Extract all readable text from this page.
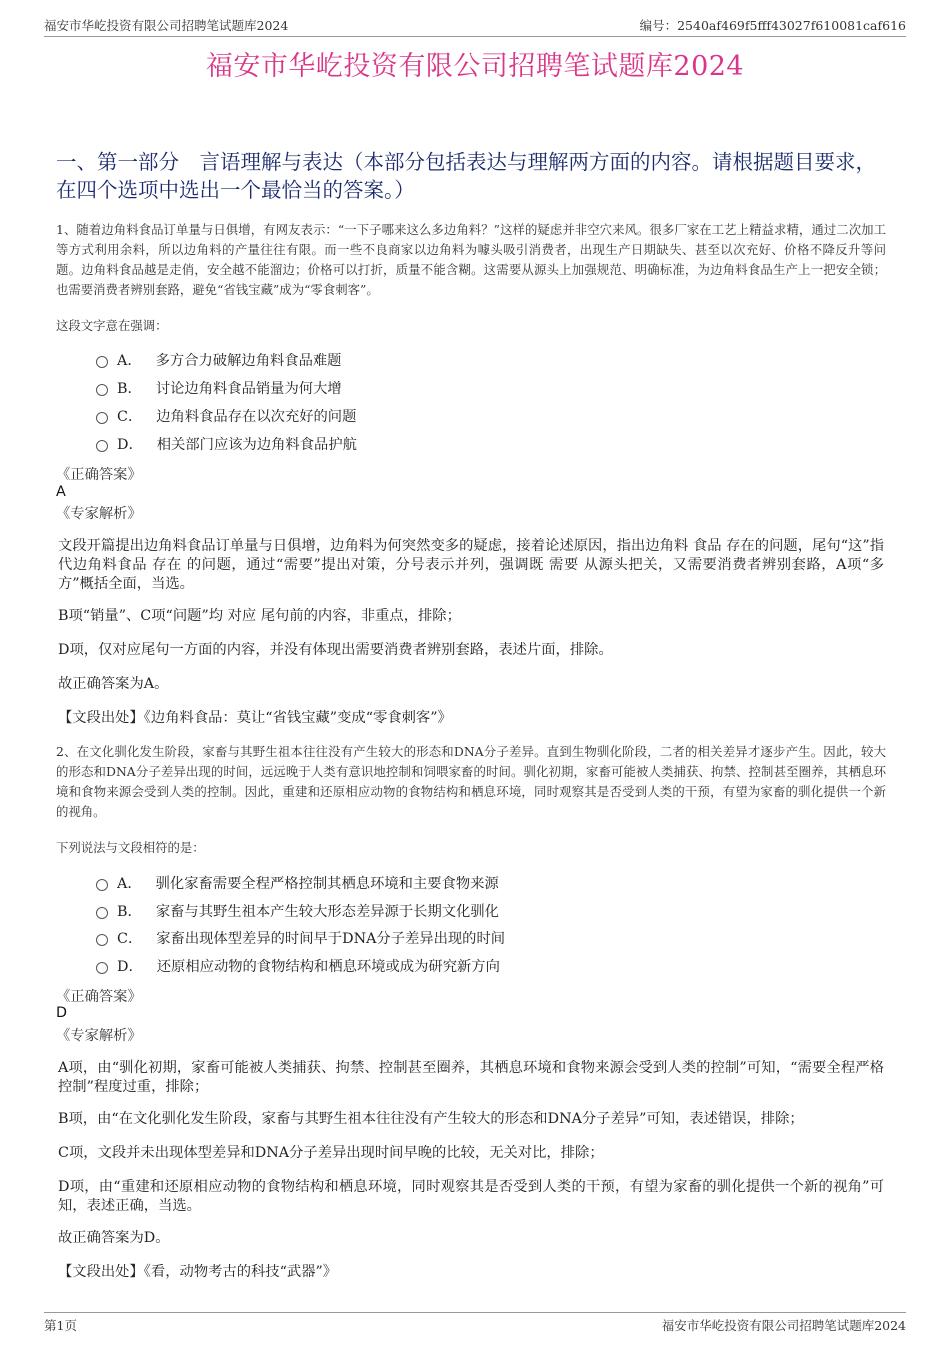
福安市华屹投资有限公司招聘笔试题库2024	编号：2540af469f5fff43027f610081caf616
福安市华屹投资有限公司招聘笔试题库2024
一、第一部分　言语理解与表达（本部分包括表达与理解两方面的内容。请根据题目要求，在四个选项中选出一个最恰当的答案。）
1、随着边角料食品订单量与日俱增，有网友表示：“一下子哪来这么多边角料？”这样的疑虑并非空穴来风。很多厂家在工艺上精益求精，通过二次加工等方式利用余料，所以边角料的产量往往有限。而一些不良商家以边角料为噱头吸引消费者，出现生产日期缺失、甚至以次充好、价格不降反升等问题。边角料食品越是走俏，安全越不能溜边；价格可以打折，质量不能含糊。这需要从源头上加强规范、明确标准，为边角料食品生产上一把安全锁；也需要消费者辨别套路，避免“省钱宝藏”成为“零食刺客”。
这段文字意在强调：
A． 多方合力破解边角料食品难题
B． 讨论边角料食品销量为何大增
C． 边角料食品存在以次充好的问题
D． 相关部门应该为边角料食品护航
《正确答案》
A
《专家解析》
文段开篇提出边角料食品订单量与日俱增，边角料为何突然变多的疑虑，接着论述原因，指出边角料 食品 存在的问题，尾句“这”指代边角料食品 存在 的问题，通过“需要”提出对策，分号表示并列，强调既 需要 从源头把关，又需要消费者辨别套路，A项“多方”概括全面，当选。
B项“销量”、C项“问题”均 对应 尾句前的内容，非重点，排除；
D项，仅对应尾句一方面的内容，并没有体现出需要消费者辨别套路，表述片面，排除。
故正确答案为A。
【文段出处】《边角料食品：莫让“省钱宝藏”变成“零食刺客”》
2、在文化驯化发生阶段，家畜与其野生祖本往往没有产生较大的形态和DNA分子差异。直到生物驯化阶段，二者的相关差异才逐步产生。因此，较大的形态和DNA分子差异出现的时间，远远晚于人类有意识地控制和饲喂家畜的时间。驯化初期，家畜可能被人类捕获、拘禁、控制甚至圈养，其栖息环境和食物来源会受到人类的控制。因此，重建和还原相应动物的食物结构和栖息环境，同时观察其是否受到人类的干预，有望为家畜的驯化提供一个新的视角。
下列说法与文段相符的是：
A． 驯化家畜需要全程严格控制其栖息环境和主要食物来源
B． 家畜与其野生祖本产生较大形态差异源于长期文化驯化
C． 家畜出现体型差异的时间早于DNA分子差异出现的时间
D． 还原相应动物的食物结构和栖息环境或成为研究新方向
《正确答案》
D
《专家解析》
A项，由“驯化初期，家畜可能被人类捕获、拘禁、控制甚至圈养，其栖息环境和食物来源会受到人类的控制”可知，“需要全程严格控制”程度过重，排除；
B项，由“在文化驯化发生阶段，家畜与其野生祖本往往没有产生较大的形态和DNA分子差异”可知，表述错误，排除；
C项，文段并未出现体型差异和DNA分子差异出现时间早晚的比较，无关对比，排除；
D项，由“重建和还原相应动物的食物结构和栖息环境，同时观察其是否受到人类的干预，有望为家畜的驯化提供一个新的视角”可知，表述正确，当选。
故正确答案为D。
【文段出处】《看，动物考古的科技“武器”》
第1页	福安市华屹投资有限公司招聘笔试题库2024
